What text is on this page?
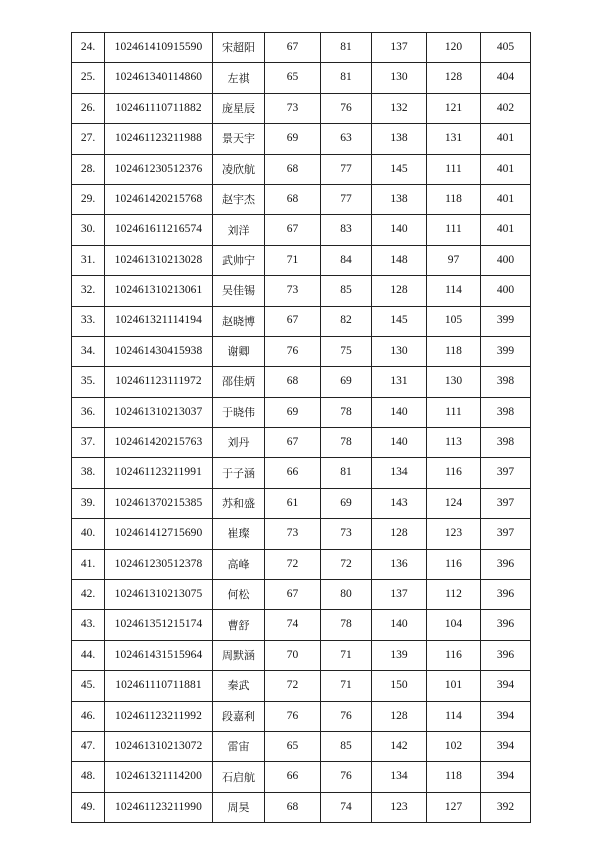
24.	102461410915590	宋超阳	67	81	137	120	405
25.	102461340114860	左祺	65	81	130	128	404
26.	102461110711882	庞星辰	73	76	132	121	402
27.	102461123211988	景天宇	69	63	138	131	401
28.	102461230512376	凌欣航	68	77	145	111	401
29.	102461420215768	赵宇杰	68	77	138	118	401
30.	102461611216574	刘洋	67	83	140	111	401
31.	102461310213028	武帅宁	71	84	148	97	400
32.	102461310213061	吴佳锡	73	85	128	114	400
33.	102461321114194	赵晓博	67	82	145	105	399
34.	102461430415938	谢卿	76	75	130	118	399
35.	102461123111972	邵佳炳	68	69	131	130	398
36.	102461310213037	于晓伟	69	78	140	111	398
37.	102461420215763	刘丹	67	78	140	113	398
38.	102461123211991	于子涵	66	81	134	116	397
39.	102461370215385	苏和盛	61	69	143	124	397
40.	102461412715690	崔璨	73	73	128	123	397
41.	102461230512378	高峰	72	72	136	116	396
42.	102461310213075	何松	67	80	137	112	396
43.	102461351215174	曹舒	74	78	140	104	396
44.	102461431515964	周默涵	70	71	139	116	396
45.	102461110711881	秦武	72	71	150	101	394
46.	102461123211992	段嘉利	76	76	128	114	394
47.	102461310213072	雷宙	65	85	142	102	394
48.	102461321114200	石启航	66	76	134	118	394
49.	102461123211990	周昊	68	74	123	127	392
